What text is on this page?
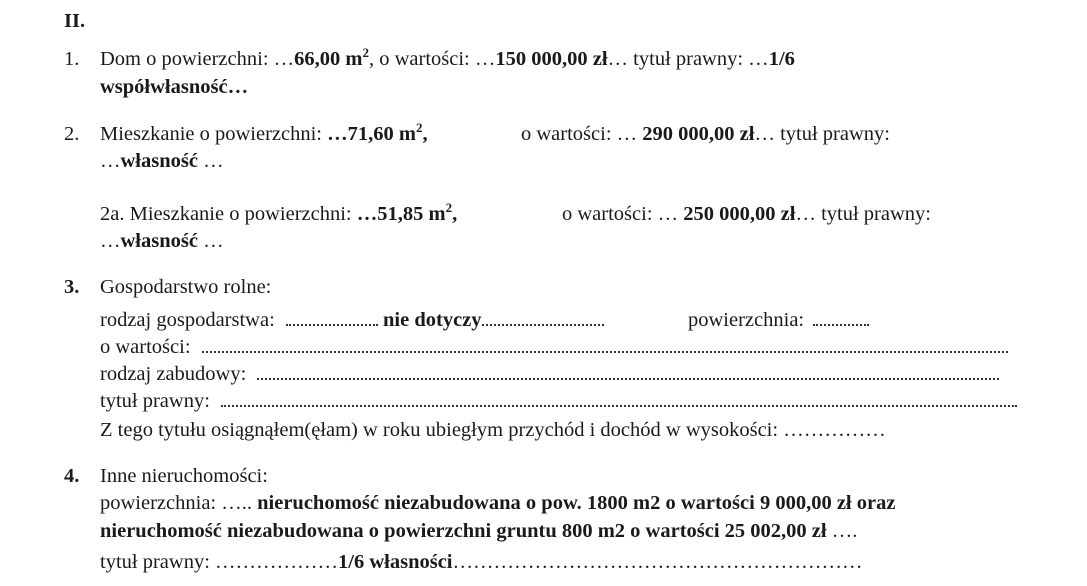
II.
1. Dom o powierzchni: …66,00 $m^2$, o wartości: …150 000,00 zł… tytuł prawny: …1/6
współwłasność…
2. Mieszkanie o powierzchni: …71,60 $m^2$,	o wartości: … 290 000,00 zł… tytuł prawny:
…własność …
2a. Mieszkanie o powierzchni: …51,85 $m^2$,	o wartości: … 250 000,00 zł… tytuł prawny:
…własność …
3. Gospodarstwo rolne:
rodzaj gospodarstwa:	nie dotyczy	powierzchnia:
o wartości:
rodzaj zabudowy:
tytuł prawny:
Z tego tytułu osiągnąłem(ęłam) w roku ubiegłym przychód i dochód w wysokości: ……………
4. Inne nieruchomości:
powierzchnia: ….. nieruchomość niezabudowana o pow. 1800 m2 o wartości 9 000,00 zł oraz
nieruchomość niezabudowana o powierzchni gruntu 800 m2 o wartości 25 002,00 zł ….
tytuł prawny: ………………1/6 własności……………………………………………………
